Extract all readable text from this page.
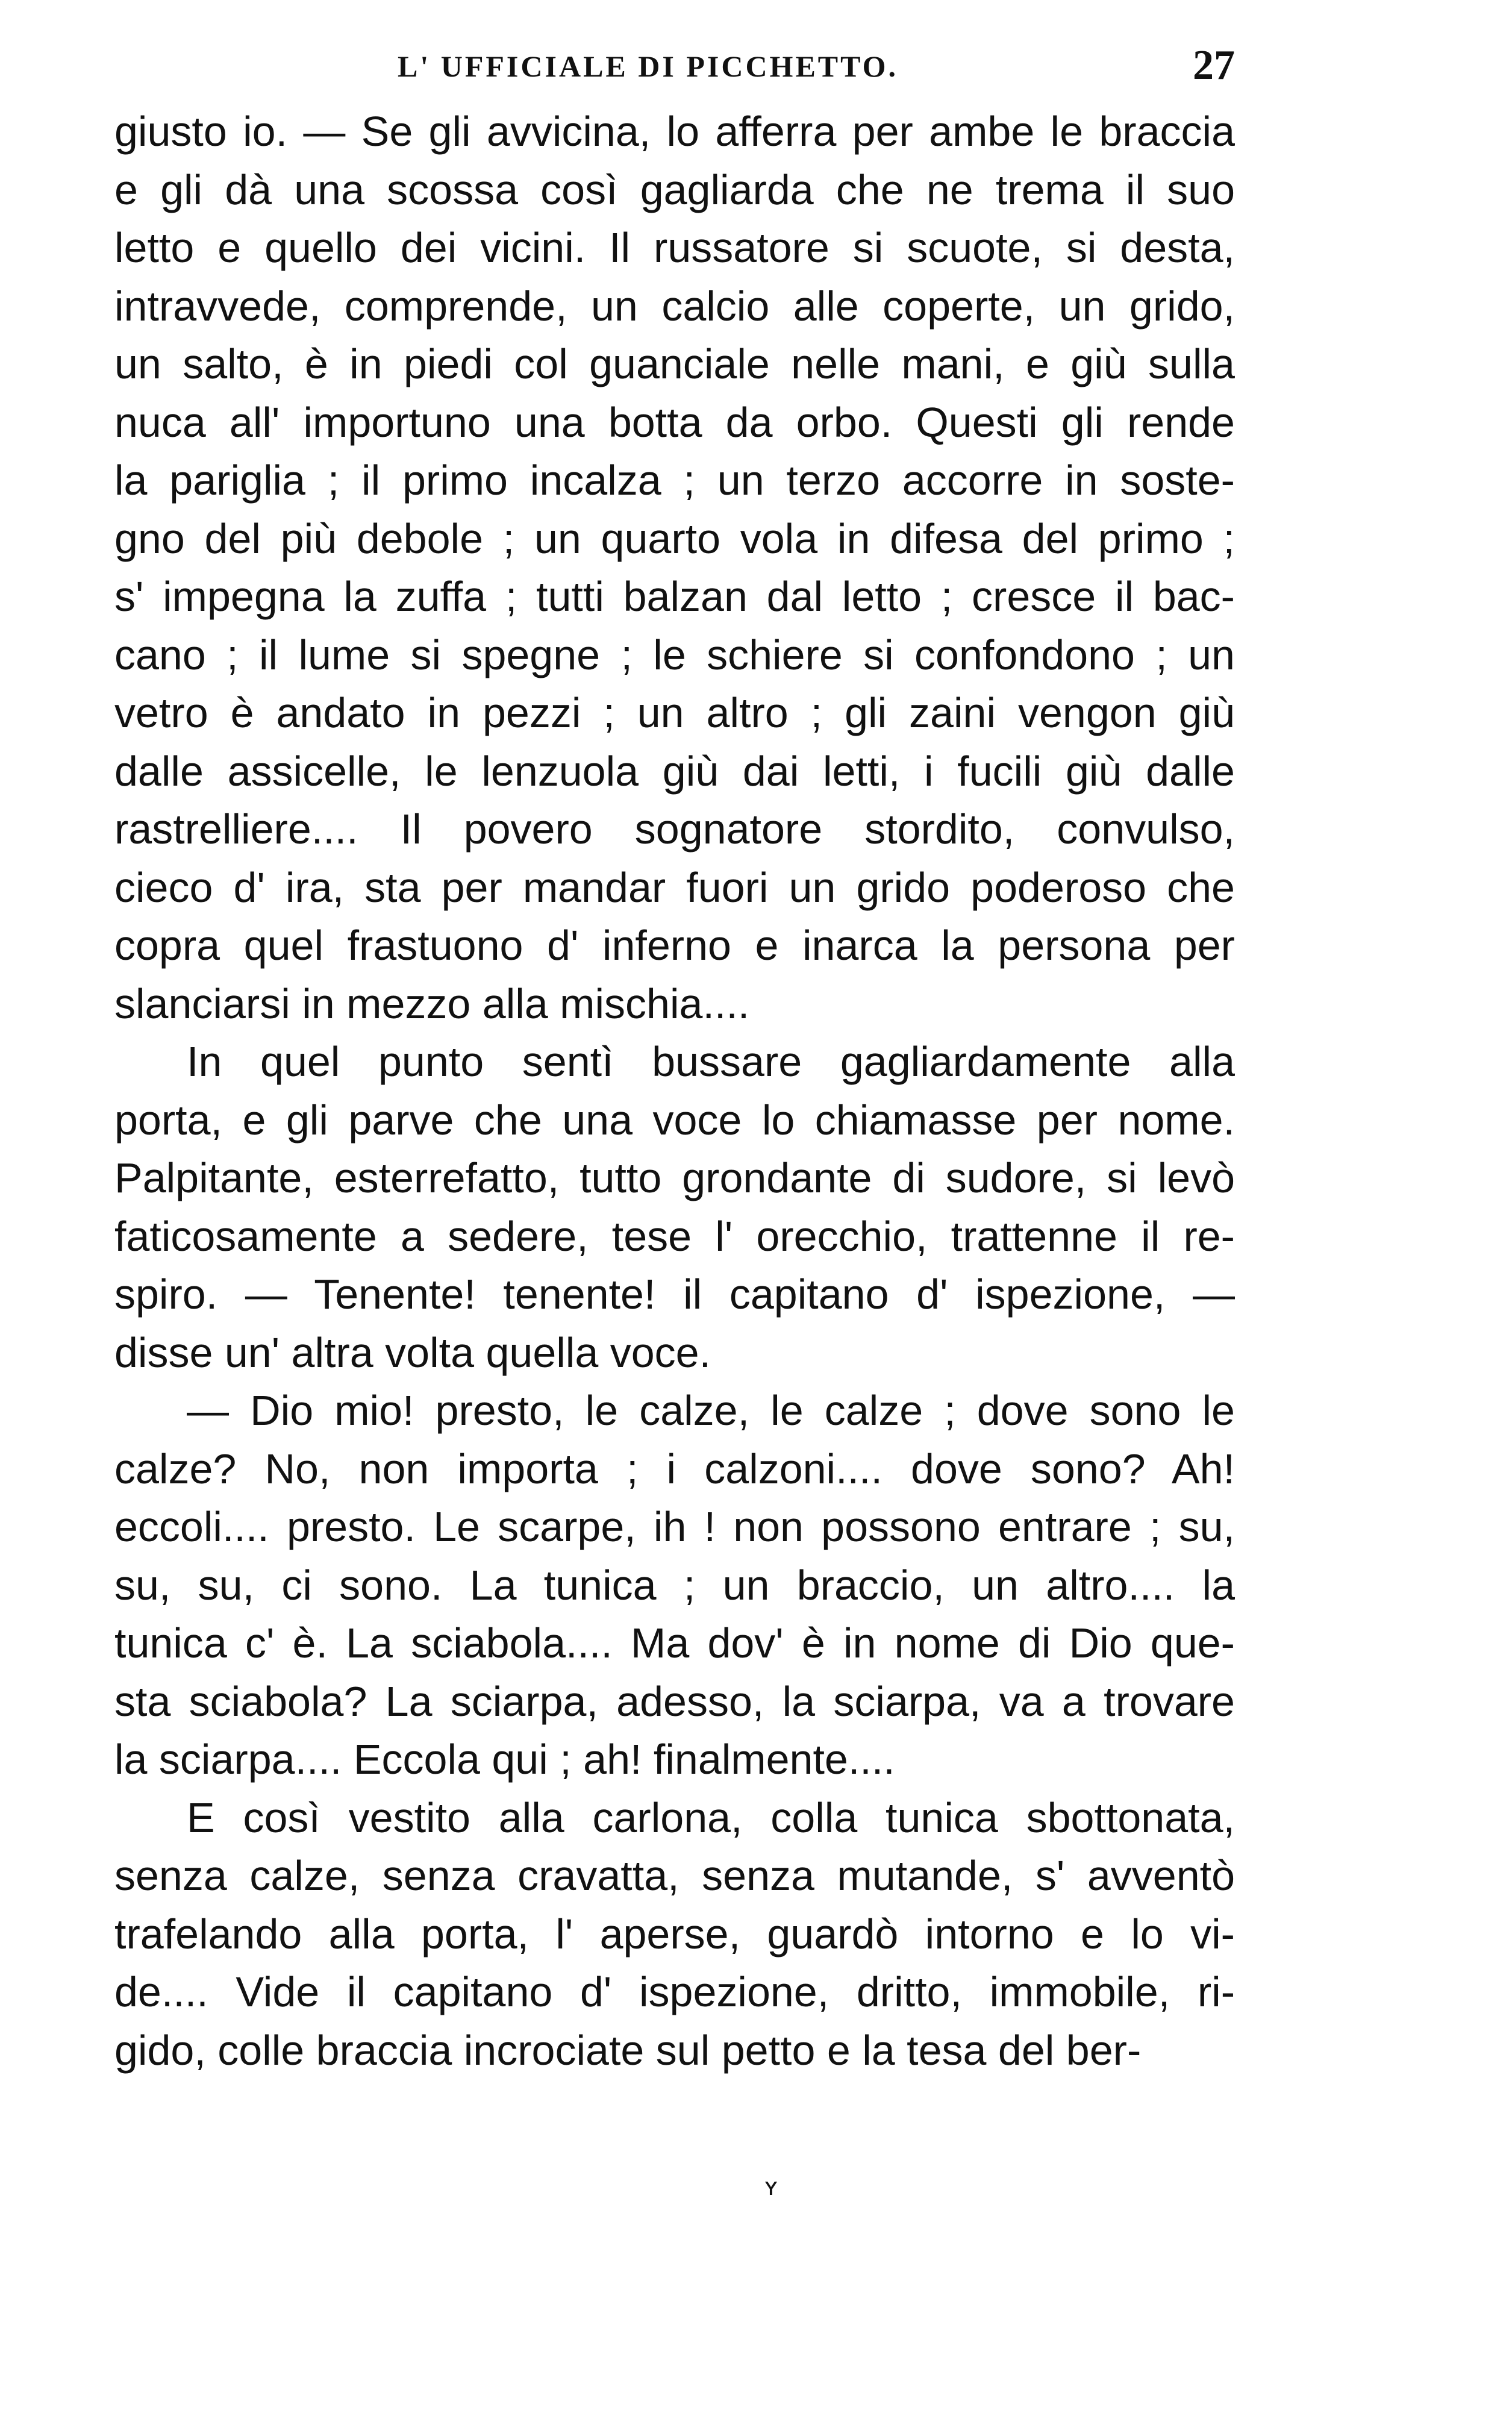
L' UFFICIALE DI PICCHETTO.	27
giusto io. — Se gli avvicina, lo afferra per ambe le braccia
e gli dà una scossa così gagliarda che ne trema il suo
letto e quello dei vicini. Il russatore si scuote, si desta,
intravvede, comprende, un calcio alle coperte, un grido,
un salto, è in piedi col guanciale nelle mani, e giù sulla
nuca all' importuno una botta da orbo. Questi gli rende
la pariglia ; il primo incalza ; un terzo accorre in soste-
gno del più debole ; un quarto vola in difesa del primo ;
s' impegna la zuffa ; tutti balzan dal letto ; cresce il bac-
cano ; il lume si spegne ; le schiere si confondono ; un
vetro è andato in pezzi ; un altro ; gli zaini vengon giù
dalle assicelle, le lenzuola giù dai letti, i fucili giù dalle
rastrelliere.... Il povero sognatore stordito, convulso,
cieco d' ira, sta per mandar fuori un grido poderoso che
copra quel frastuono d' inferno e inarca la persona per
slanciarsi in mezzo alla mischia....
In quel punto sentì bussare gagliardamente alla
porta, e gli parve che una voce lo chiamasse per nome.
Palpitante, esterrefatto, tutto grondante di sudore, si levò
faticosamente a sedere, tese l' orecchio, trattenne il re-
spiro. — Tenente! tenente! il capitano d' ispezione, —
disse un' altra volta quella voce.
— Dio mio! presto, le calze, le calze ; dove sono le
calze? No, non importa ; i calzoni.... dove sono? Ah!
eccoli.... presto. Le scarpe, ih ! non possono entrare ; su,
su, su, ci sono. La tunica ; un braccio, un altro.... la
tunica c' è. La sciabola.... Ma dov' è in nome di Dio que-
sta sciabola? La sciarpa, adesso, la sciarpa, va a trovare
la sciarpa.... Eccola qui ; ah! finalmente....
E così vestito alla carlona, colla tunica sbottonata,
senza calze, senza cravatta, senza mutande, s' avventò
trafelando alla porta, l' aperse, guardò intorno e lo vi-
de.... Vide il capitano d' ispezione, dritto, immobile, ri-
gido, colle braccia incrociate sul petto e la tesa del ber-
ʏ
